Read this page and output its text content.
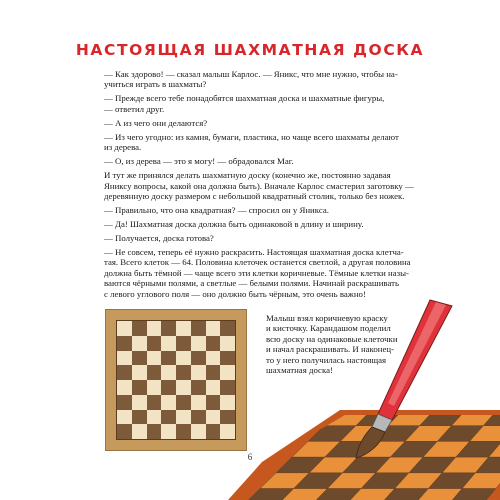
НАСТОЯЩАЯ ШАХМАТНАЯ ДОСКА

— Как здорово! — сказал малыш Карлос. — Яникс, что мне нужно, чтобы на-
учиться играть в шахматы?

— Прежде всего тебе понадобятся шахматная доска и шахматные фигуры,
— ответил друг.

— А из чего они делаются?

— Из чего угодно: из камня, бумаги, пластика, но чаще всего шахматы делают
из дерева.

— О, из дерева — это я могу! — обрадовался Маг.

И тут же принялся делать шахматную доску (конечно же, постоянно задавая
Яниксу вопросы, какой она должна быть). Вначале Карлос смастерил заготовку —
деревянную доску размером с небольшой квадратный столик, только без ножек.

— Правильно, что она квадратная? — спросил он у Яникса.

— Да! Шахматная доска должна быть одинаковой в длину и ширину.

— Получается, доска готова?

— Не совсем, теперь её нужно раскрасить. Настоящая шахматная доска клетча-
тая. Всего клеток — 64. Половина клеточек останется светлой, а другая половина
должна быть тёмной — чаще всего эти клетки коричневые. Тёмные клетки назы-
ваются чёрными полями, а светлые — белыми полями. Начинай раскрашивать
с левого углового поля — оно должно быть чёрным, это очень важно!

Малыш взял коричневую краску
и кисточку. Карандашом поделил
всю доску на одинаковые клеточки
и начал раскрашивать. И наконец-
то у него получилась настоящая
шахматная доска!
6
